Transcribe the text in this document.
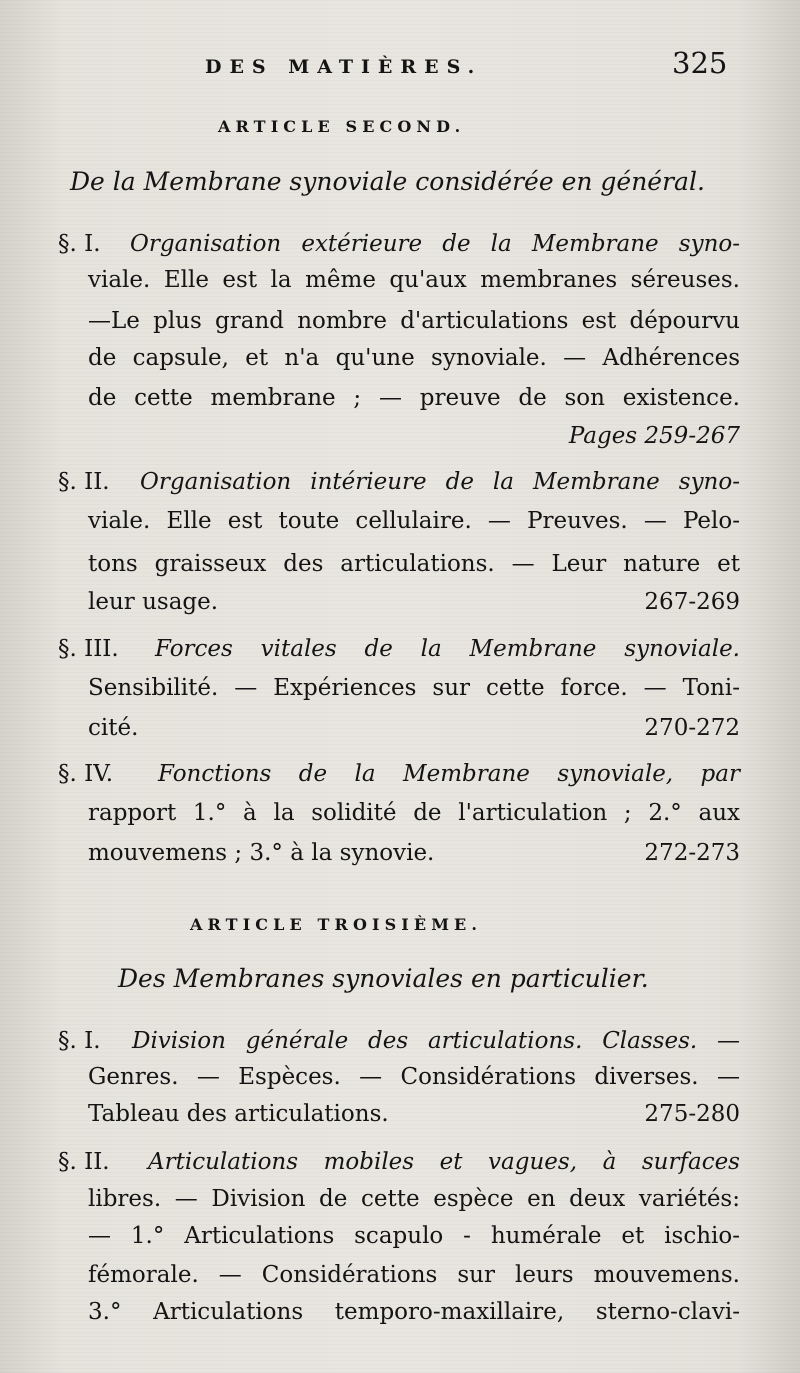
DES MATIÈRES.	325
ARTICLE SECOND.
De la Membrane synoviale considérée en général.
§. I. Organisation extérieure de la Membrane syno-
viale. Elle est la même qu'aux membranes séreuses.
—Le plus grand nombre d'articulations est dépourvu
de capsule, et n'a qu'une synoviale. — Adhérences
de cette membrane ; — preuve de son existence.
Pages 259-267
§. II. Organisation intérieure de la Membrane syno-
viale. Elle est toute cellulaire. — Preuves. — Pelo-
tons graisseux des articulations. — Leur nature et
leur usage.	267-269
§. III. Forces vitales de la Membrane synoviale.
Sensibilité. — Expériences sur cette force. — Toni-
cité.	270-272
§. IV. Fonctions de la Membrane synoviale, par
rapport 1.° à la solidité de l'articulation ; 2.° aux
mouvemens ; 3.° à la synovie.	272-273
ARTICLE TROISIÈME.
Des Membranes synoviales en particulier.
§. I. Division générale des articulations. Classes. —
Genres. — Espèces. — Considérations diverses. —
Tableau des articulations.	275-280
§. II. Articulations mobiles et vagues, à surfaces
libres. — Division de cette espèce en deux variétés:
— 1.° Articulations scapulo - humérale et ischio-
fémorale. — Considérations sur leurs mouvemens.
3.° Articulations temporo-maxillaire, sterno-clavi-
